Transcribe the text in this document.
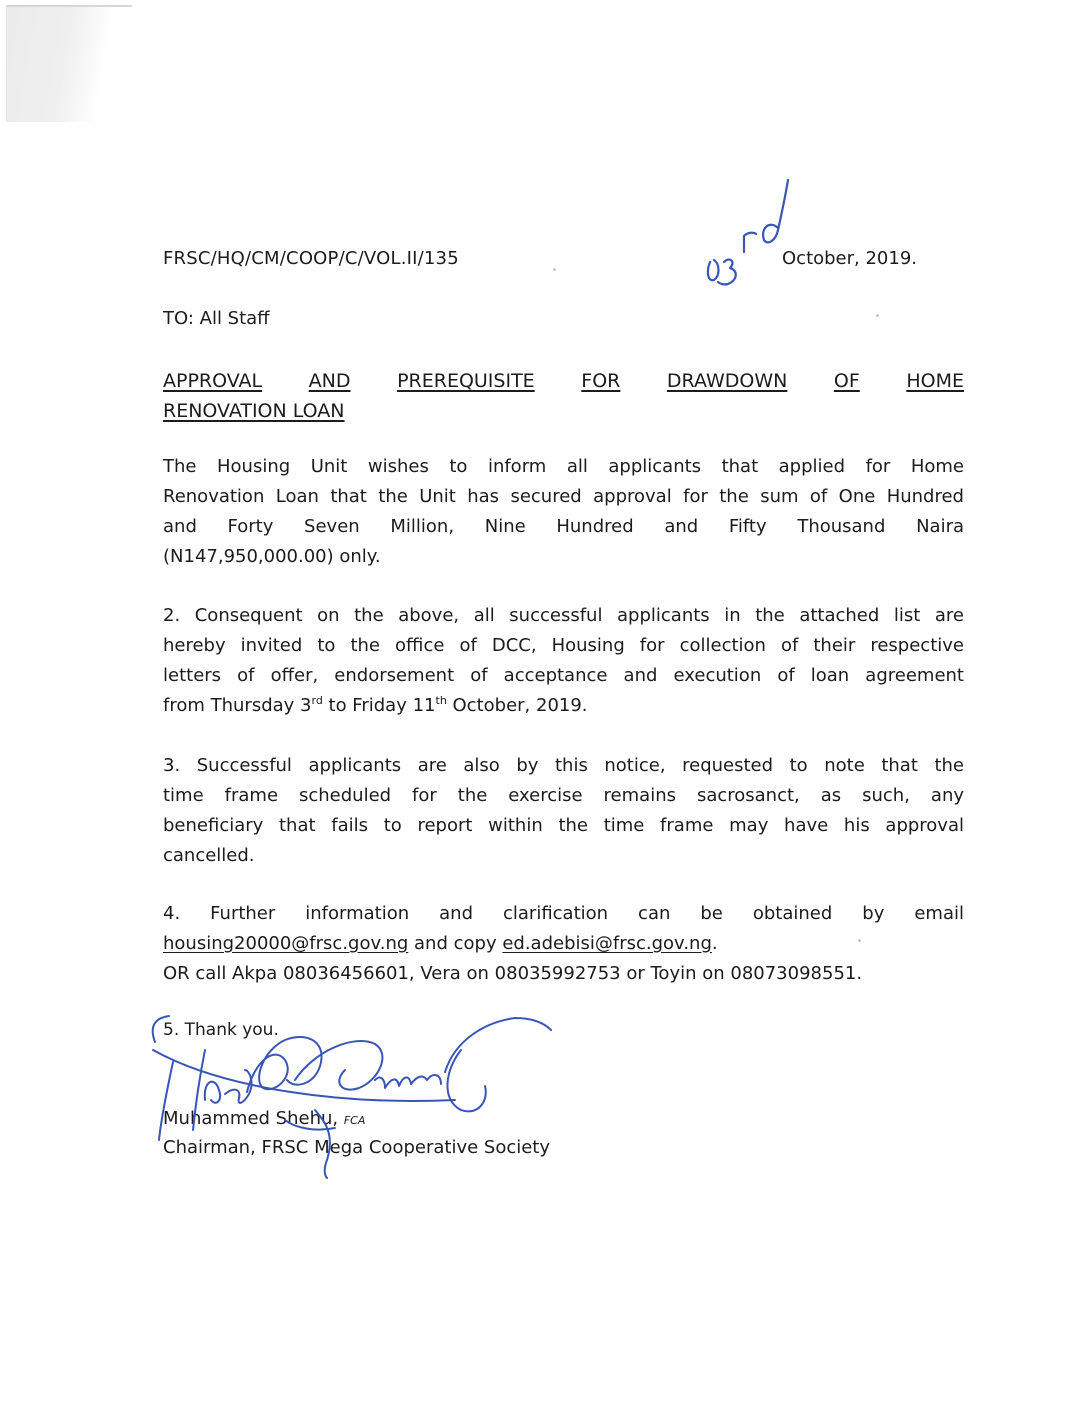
FRSC/HQ/CM/COOP/C/VOL.II/135	October, 2019.
TO: All Staff
APPROVAL AND PREREQUISITE FOR DRAWDOWN OF HOME
RENOVATION LOAN
The Housing Unit wishes to inform all applicants that applied for Home
Renovation Loan that the Unit has secured approval for the sum of One Hundred
and Forty Seven Million, Nine Hundred and Fifty Thousand Naira
(N147,950,000.00) only.
2. Consequent on the above, all successful applicants in the attached list are
hereby invited to the office of DCC, Housing for collection of their respective
letters of offer, endorsement of acceptance and execution of loan agreement
from Thursday 3rd to Friday 11th October, 2019.
3. Successful applicants are also by this notice, requested to note that the
time frame scheduled for the exercise remains sacrosanct, as such, any
beneficiary that fails to report within the time frame may have his approval
cancelled.
4. Further information and clarification can be obtained by email
housing20000@frsc.gov.ng and copy ed.adebisi@frsc.gov.ng.
OR call Akpa 08036456601, Vera on 08035992753 or Toyin on 08073098551.
5. Thank you.
Muhammed Shehu, FCA
Chairman, FRSC Mega Cooperative Society
